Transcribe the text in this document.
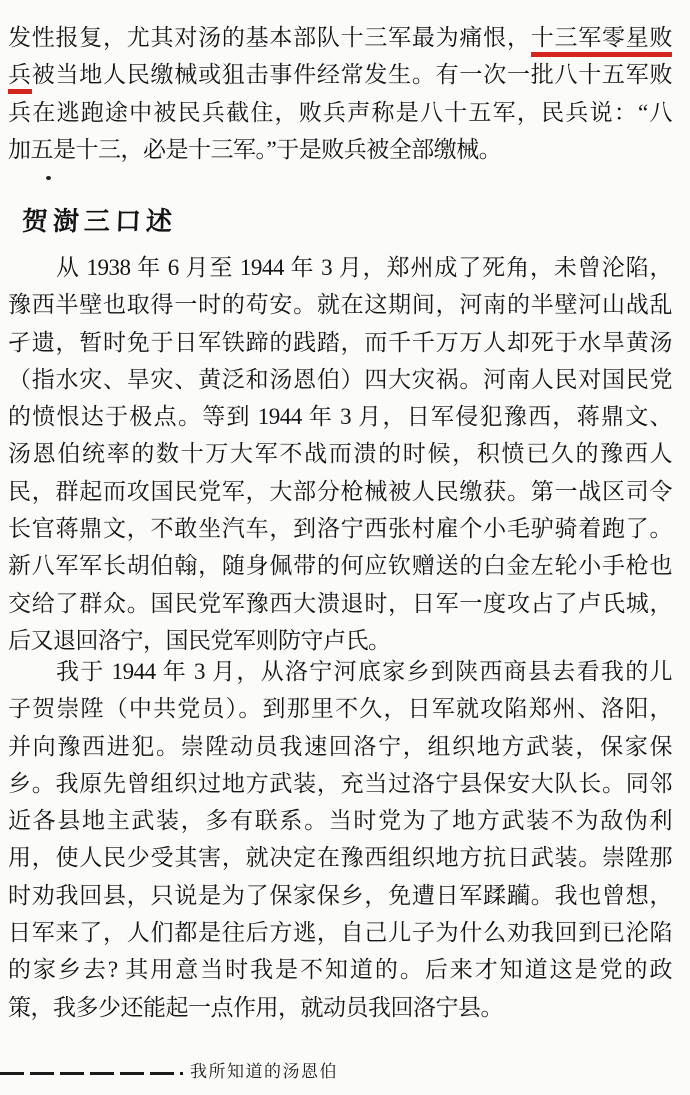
发性报复，尤其对汤的基本部队十三军最为痛恨，十三军零星败
兵被当地人民缴械或狙击事件经常发生。有一次一批八十五军败
兵在逃跑途中被民兵截住，败兵声称是八十五军，民兵说：“八
加五是十三，必是十三军。”于是败兵被全部缴械。
贺澍三口述
从 1938 年 6 月至 1944 年 3 月，郑州成了死角，未曾沦陷，
豫西半壁也取得一时的苟安。就在这期间，河南的半壁河山战乱
孑遗，暂时免于日军铁蹄的践踏，而千千万万人却死于水旱黄汤
（指水灾、旱灾、黄泛和汤恩伯）四大灾祸。河南人民对国民党
的愤恨达于极点。等到 1944 年 3 月，日军侵犯豫西，蒋鼎文、
汤恩伯统率的数十万大军不战而溃的时候，积愤已久的豫西人
民，群起而攻国民党军，大部分枪械被人民缴获。第一战区司令
长官蒋鼎文，不敢坐汽车，到洛宁西张村雇个小毛驴骑着跑了。
新八军军长胡伯翰，随身佩带的何应钦赠送的白金左轮小手枪也
交给了群众。国民党军豫西大溃退时，日军一度攻占了卢氏城，
后又退回洛宁，国民党军则防守卢氏。
我于 1944 年 3 月，从洛宁河底家乡到陕西商县去看我的儿
子贺崇陞（中共党员）。到那里不久，日军就攻陷郑州、洛阳，
并向豫西进犯。崇陞动员我速回洛宁，组织地方武装，保家保
乡。我原先曾组织过地方武装，充当过洛宁县保安大队长。同邻
近各县地主武装，多有联系。当时党为了地方武装不为敌伪利
用，使人民少受其害，就决定在豫西组织地方抗日武装。崇陞那
时劝我回县，只说是为了保家保乡，免遭日军蹂躏。我也曾想，
日军来了，人们都是往后方逃，自己儿子为什么劝我回到已沦陷
的家乡去? 其用意当时我是不知道的。后来才知道这是党的政
策，我多少还能起一点作用，就动员我回洛宁县。
我所知道的汤恩伯
